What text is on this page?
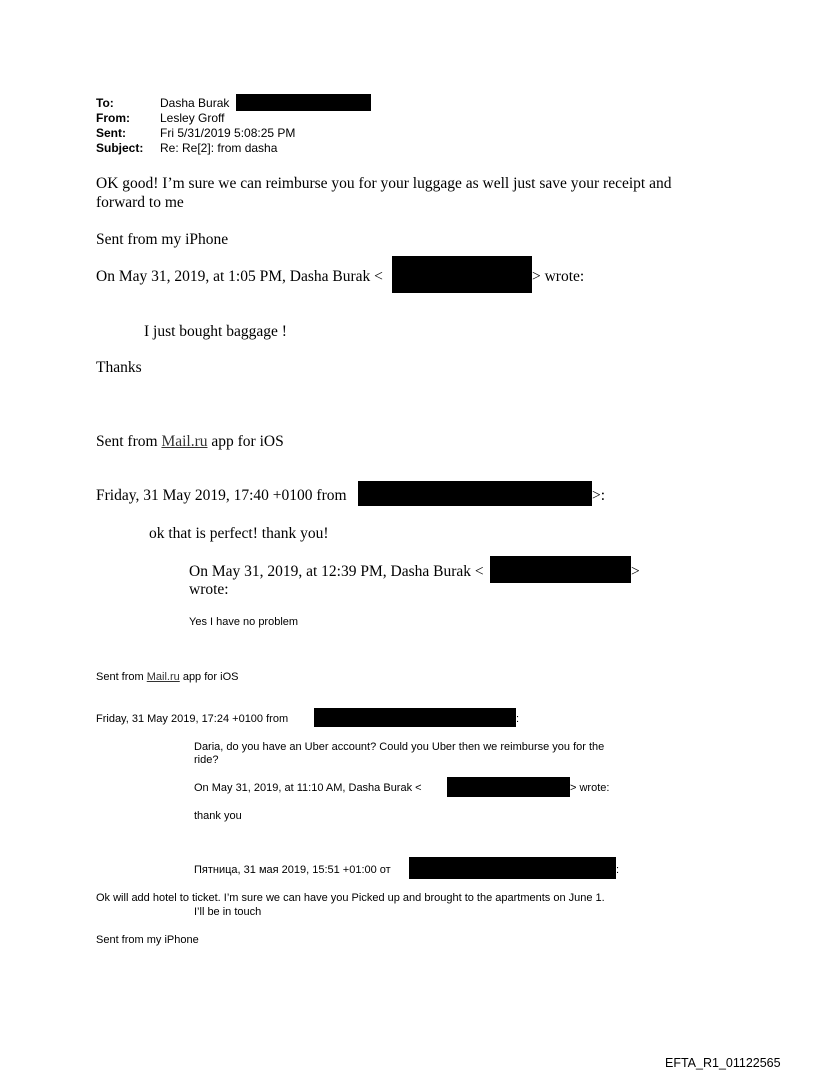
To:	Dasha Burak
From:	Lesley Groff
Sent:	Fri 5/31/2019 5:08:25 PM
Subject: Re: Re[2]: from dasha
OK good! I’m sure we can reimburse you for your luggage as well just save your receipt and
forward to me
Sent from my iPhone
On May 31, 2019, at 1:05 PM, Dasha Burak <	> wrote:
I just bought baggage !
Thanks
Sent from Mail.ru app for iOS
Friday, 31 May 2019, 17:40 +0100 from	>:
ok that is perfect! thank you!
On May 31, 2019, at 12:39 PM, Dasha Burak <	>
wrote:
Yes I have no problem
Sent from Mail.ru app for iOS
Friday, 31 May 2019, 17:24 +0100 from	:
Daria, do you have an Uber account? Could you Uber then we reimburse you for the
ride?
On May 31, 2019, at 11:10 AM, Dasha Burak <	> wrote:
thank you
Пятница, 31 мая 2019, 15:51 +01:00 от	:
Ok will add hotel to ticket. I’m sure we can have you Picked up and brought to the apartments on June 1.
I’ll be in touch
Sent from my iPhone
EFTA_R1_01122565
